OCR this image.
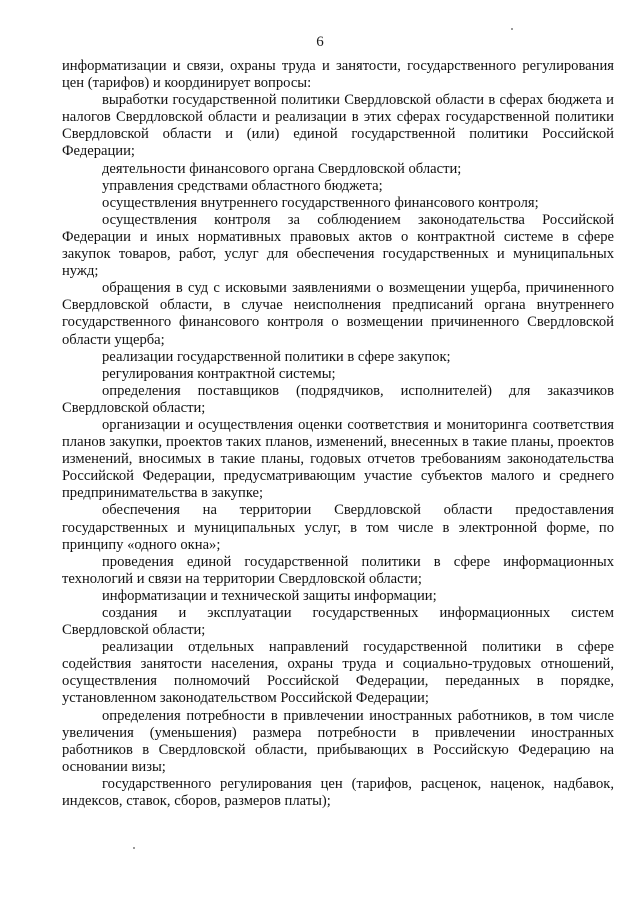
6

информатизации и связи, охраны труда и занятости, государственного регулирования цен (тарифов) и координирует вопросы:

выработки государственной политики Свердловской области в сферах бюджета и налогов Свердловской области и реализации в этих сферах государственной политики Свердловской области и (или) единой государственной политики Российской Федерации;

деятельности финансового органа Свердловской области;

управления средствами областного бюджета;

осуществления внутреннего государственного финансового контроля;

осуществления контроля за соблюдением законодательства Российской Федерации и иных нормативных правовых актов о контрактной системе в сфере закупок товаров, работ, услуг для обеспечения государственных и муниципальных нужд;

обращения в суд с исковыми заявлениями о возмещении ущерба, причиненного Свердловской области, в случае неисполнения предписаний органа внутреннего государственного финансового контроля о возмещении причиненного Свердловской области ущерба;

реализации государственной политики в сфере закупок;

регулирования контрактной системы;

определения поставщиков (подрядчиков, исполнителей) для заказчиков Свердловской области;

организации и осуществления оценки соответствия и мониторинга соответствия планов закупки, проектов таких планов, изменений, внесенных в такие планы, проектов изменений, вносимых в такие планы, годовых отчетов требованиям законодательства Российской Федерации, предусматривающим участие субъектов малого и среднего предпринимательства в закупке;

обеспечения на территории Свердловской области предоставления государственных и муниципальных услуг, в том числе в электронной форме, по принципу «одного окна»;

проведения единой государственной политики в сфере информационных технологий и связи на территории Свердловской области;

информатизации и технической защиты информации;

создания и эксплуатации государственных информационных систем Свердловской области;

реализации отдельных направлений государственной политики в сфере содействия занятости населения, охраны труда и социально-трудовых отношений, осуществления полномочий Российской Федерации, переданных в порядке, установленном законодательством Российской Федерации;

определения потребности в привлечении иностранных работников, в том числе увеличения (уменьшения) размера потребности в привлечении иностранных работников в Свердловской области, прибывающих в Российскую Федерацию на основании визы;

государственного регулирования цен (тарифов, расценок, наценок, надбавок, индексов, ставок, сборов, размеров платы);
